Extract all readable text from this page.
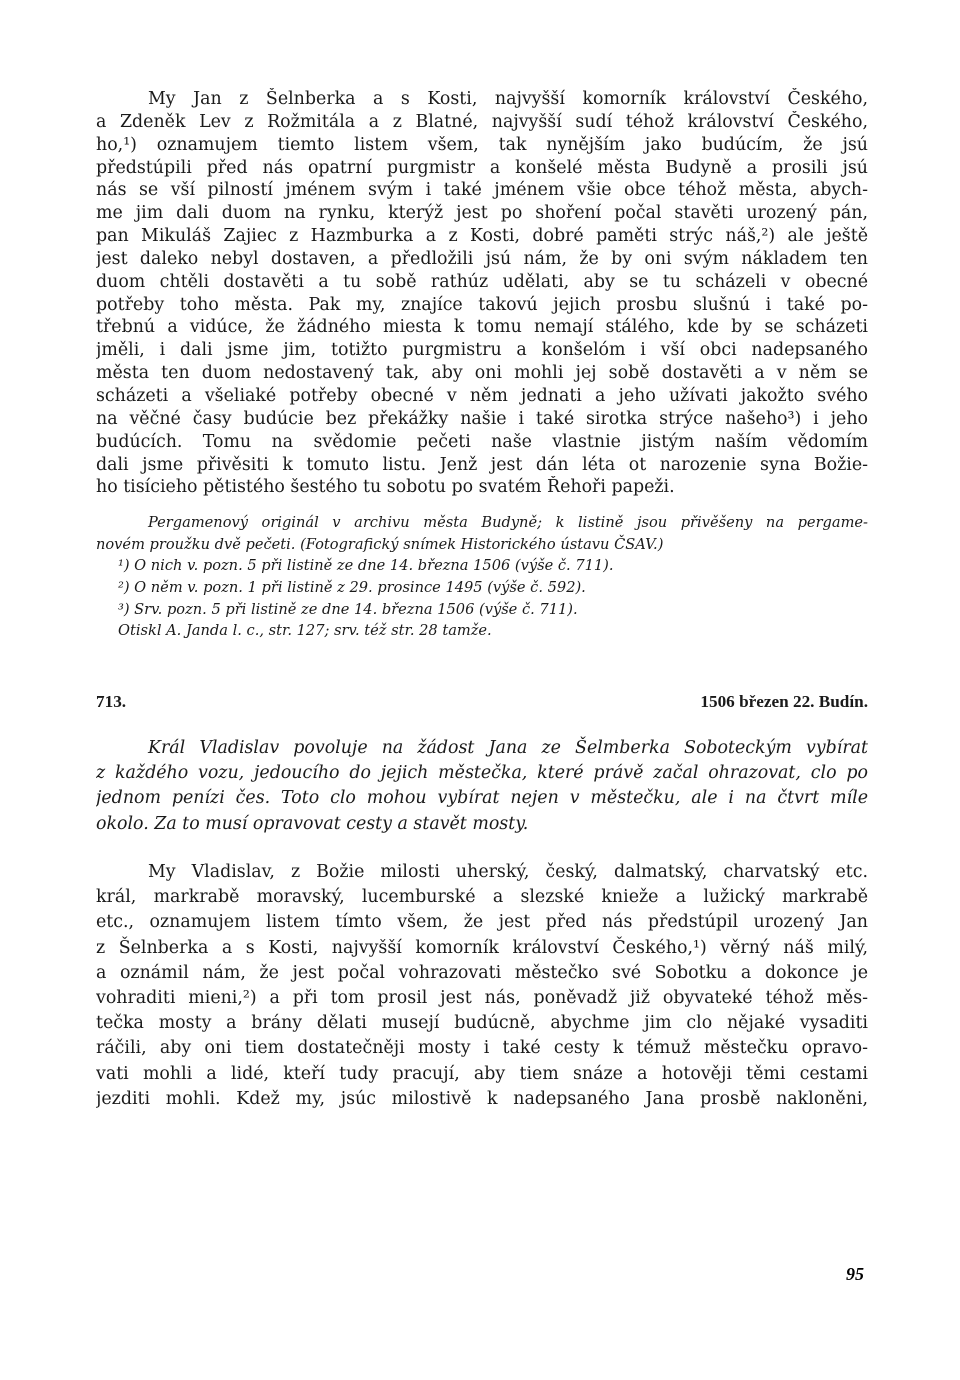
My Jan z Šelnberka a s Kosti, najvyšší komorník království Českého,
a Zdeněk Lev z Rožmitála a z Blatné, najvyšší sudí téhož království Českého,
ho,¹) oznamujem tiemto listem všem, tak nynějším jako budúcím, že jsú
předstúpili před nás opatrní purgmistr a konšelé města Budyně a prosili jsú
nás se vší pilností jménem svým i také jménem všie obce téhož města, abych-
me jim dali duom na rynku, kterýž jest po shoření počal stavěti urozený pán,
pan Mikuláš Zajiec z Hazmburka a z Kosti, dobré paměti strýc náš,²) ale ještě
jest daleko nebyl dostaven, a předložili jsú nám, že by oni svým nákladem ten
duom chtěli dostavěti a tu sobě rathúz udělati, aby se tu scházeli v obecné
potřeby toho města. Pak my, znajíce takovú jejich prosbu slušnú i také po-
třebnú a vidúce, že žádného miesta k tomu nemají stálého, kde by se scházeti
jměli, i dali jsme jim, totižto purgmistru a konšelóm i vší obci nadepsaného
města ten duom nedostavený tak, aby oni mohli jej sobě dostavěti a v něm se
scházeti a všeliaké potřeby obecné v něm jednati a jeho užívati jakožto svého
na věčné časy budúcie bez překážky našie i také sirotka strýce našeho³) i jeho
budúcích. Tomu na svědomie pečeti naše vlastnie jistým naším vědomím
dali jsme přivěsiti k tomuto listu. Jenž jest dán léta ot narozenie syna Božie-
ho tisícieho pětistého šestého tu sobotu po svatém Řehoři papeži.
Pergamenový originál v archivu města Budyně; k listině jsou přivěšeny na pergame-
novém proužku dvě pečeti. (Fotografický snímek Historického ústavu ČSAV.)
¹) O nich v. pozn. 5 při listině ze dne 14. března 1506 (výše č. 711).
²) O něm v. pozn. 1 při listině z 29. prosince 1495 (výše č. 592).
³) Srv. pozn. 5 při listině ze dne 14. března 1506 (výše č. 711).
Otiskl A. Janda l. c., str. 127; srv. též str. 28 tamže.
713.	1506 březen 22. Budín.
Král Vladislav povoluje na žádost Jana ze Šelmberka Soboteckým vybírat
z každého vozu, jedoucího do jejich městečka, které právě začal ohrazovat, clo po
jednom penízi čes. Toto clo mohou vybírat nejen v městečku, ale i na čtvrt míle
okolo. Za to musí opravovat cesty a stavět mosty.
My Vladislav, z Božie milosti uherský, český, dalmatský, charvatský etc.
král, markrabě moravský, lucemburské a slezské knieže a lužický markrabě
etc., oznamujem listem tímto všem, že jest před nás předstúpil urozený Jan
z Šelnberka a s Kosti, najvyšší komorník království Českého,¹) věrný náš milý,
a oznámil nám, že jest počal vohrazovati městečko své Sobotku a dokonce je
vohraditi mieni,²) a při tom prosil jest nás, poněvadž již obyvateké téhož měs-
tečka mosty a brány dělati musejí budúcně, abychme jim clo nějaké vysaditi
ráčili, aby oni tiem dostatečněji mosty i také cesty k témuž městečku opravo-
vati mohli a lidé, kteří tudy pracují, aby tiem snáze a hotověji těmi cestami
jezditi mohli. Kdež my, jsúc milostivě k nadepsaného Jana prosbě nakloněni,
95
